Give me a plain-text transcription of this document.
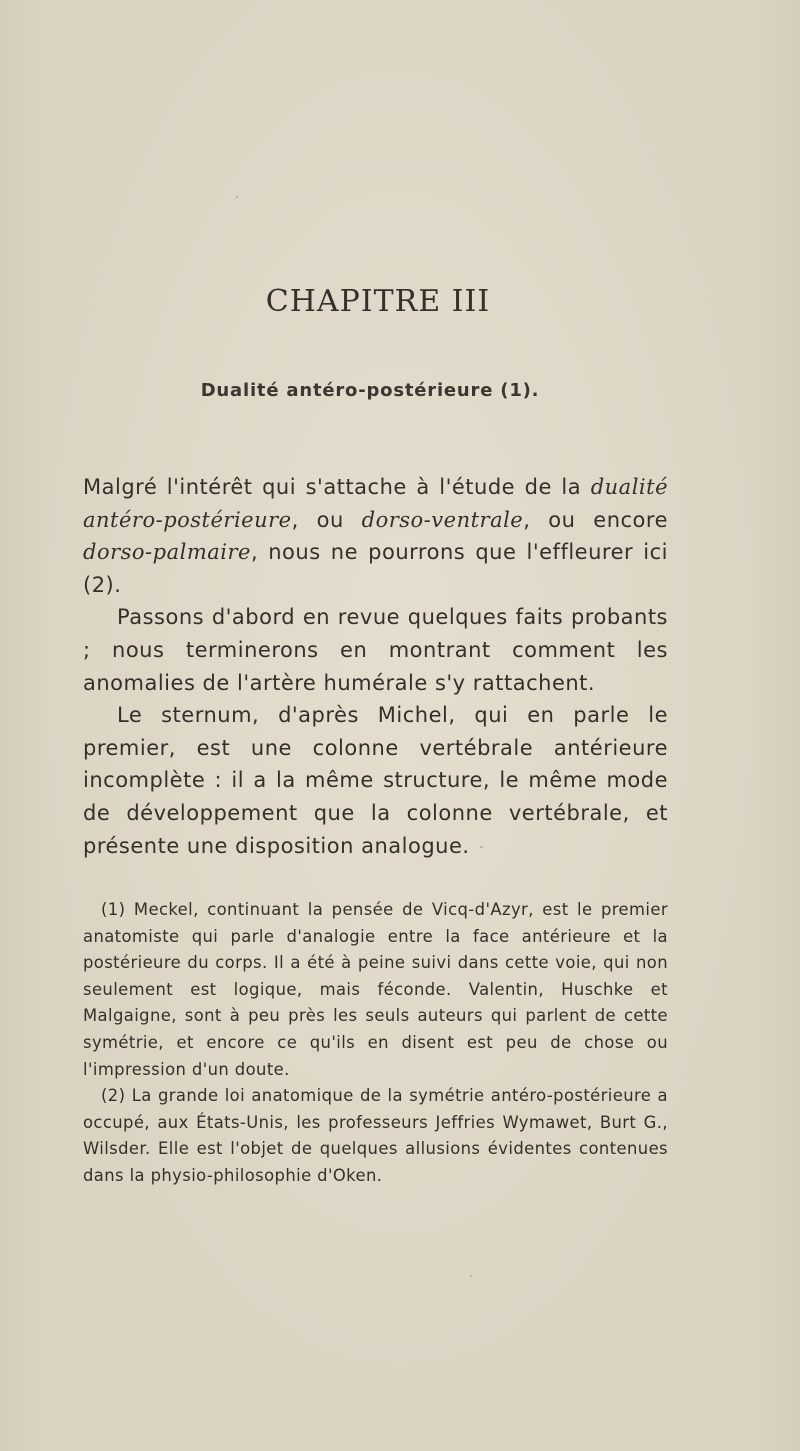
CHAPITRE III
Dualité antéro-postérieure (1).

Malgré l'intérêt qui s'attache à l'étude de la dualité antéro-postérieure, ou dorso-ventrale, ou encore dorso-palmaire, nous ne pourrons que l'effleurer ici (2).

Passons d'abord en revue quelques faits probants ; nous terminerons en montrant comment les anomalies de l'artère humérale s'y rattachent.

Le sternum, d'après Michel, qui en parle le premier, est une colonne vertébrale antérieure incomplète : il a la même structure, le même mode de développement que la colonne vertébrale, et présente une disposition analogue.

(1) Meckel, continuant la pensée de Vicq-d'Azyr, est le premier anatomiste qui parle d'analogie entre la face antérieure et la postérieure du corps. Il a été à peine suivi dans cette voie, qui non seulement est logique, mais féconde. Valentin, Huschke et Malgaigne, sont à peu près les seuls auteurs qui parlent de cette symétrie, et encore ce qu'ils en disent est peu de chose ou l'impression d'un doute.

(2) La grande loi anatomique de la symétrie antéro-postérieure a occupé, aux États-Unis, les professeurs Jeffries Wymawet, Burt G., Wilsder. Elle est l'objet de quelques allusions évidentes contenues dans la physio-philosophie d'Oken.
